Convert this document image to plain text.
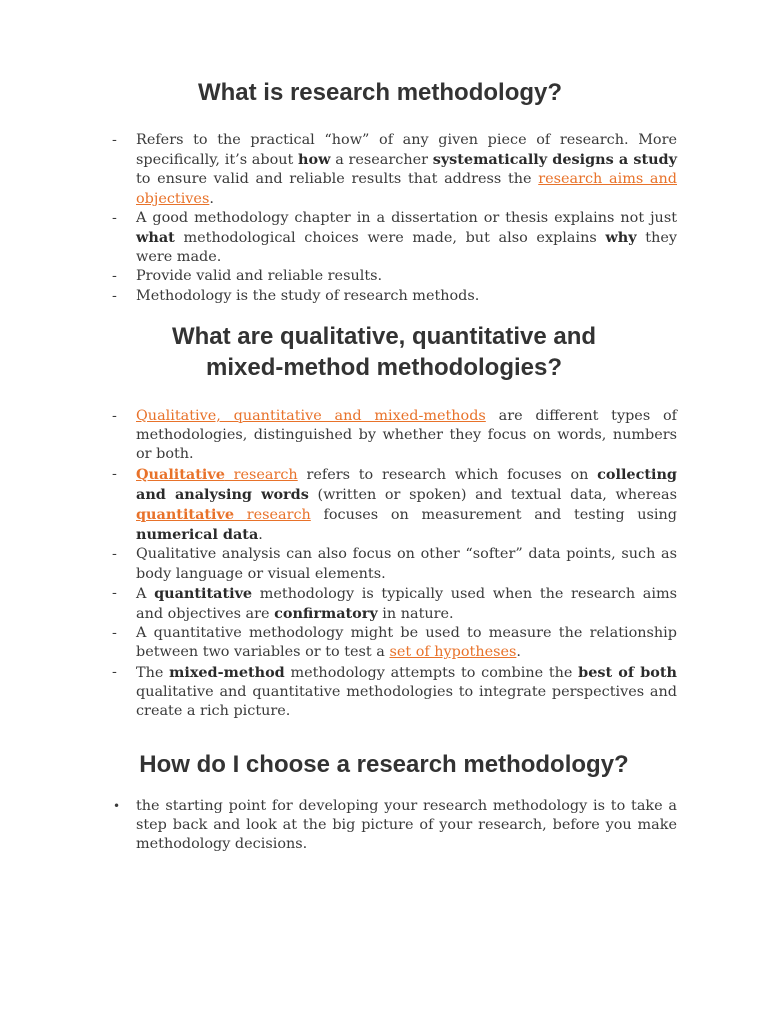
What is research methodology?
- Refers to the practical “how” of any given piece of research. More specifically, it’s about how a researcher systematically designs a study to ensure valid and reliable results that address the research aims and objectives.
- A good methodology chapter in a dissertation or thesis explains not just what methodological choices were made, but also explains why they were made.
- Provide valid and reliable results.
- Methodology is the study of research methods.
What are qualitative, quantitative and
mixed-method methodologies?
- Qualitative, quantitative and mixed-methods are different types of methodologies, distinguished by whether they focus on words, numbers or both.
- Qualitative research refers to research which focuses on collecting and analysing words (written or spoken) and textual data, whereas quantitative research focuses on measurement and testing using numerical data.
- Qualitative analysis can also focus on other “softer” data points, such as body language or visual elements.
- A quantitative methodology is typically used when the research aims and objectives are confirmatory in nature.
- A quantitative methodology might be used to measure the relationship between two variables or to test a set of hypotheses.
- The mixed-method methodology attempts to combine the best of both qualitative and quantitative methodologies to integrate perspectives and create a rich picture.
How do I choose a research methodology?
• the starting point for developing your research methodology is to take a step back and look at the big picture of your research, before you make methodology decisions.
